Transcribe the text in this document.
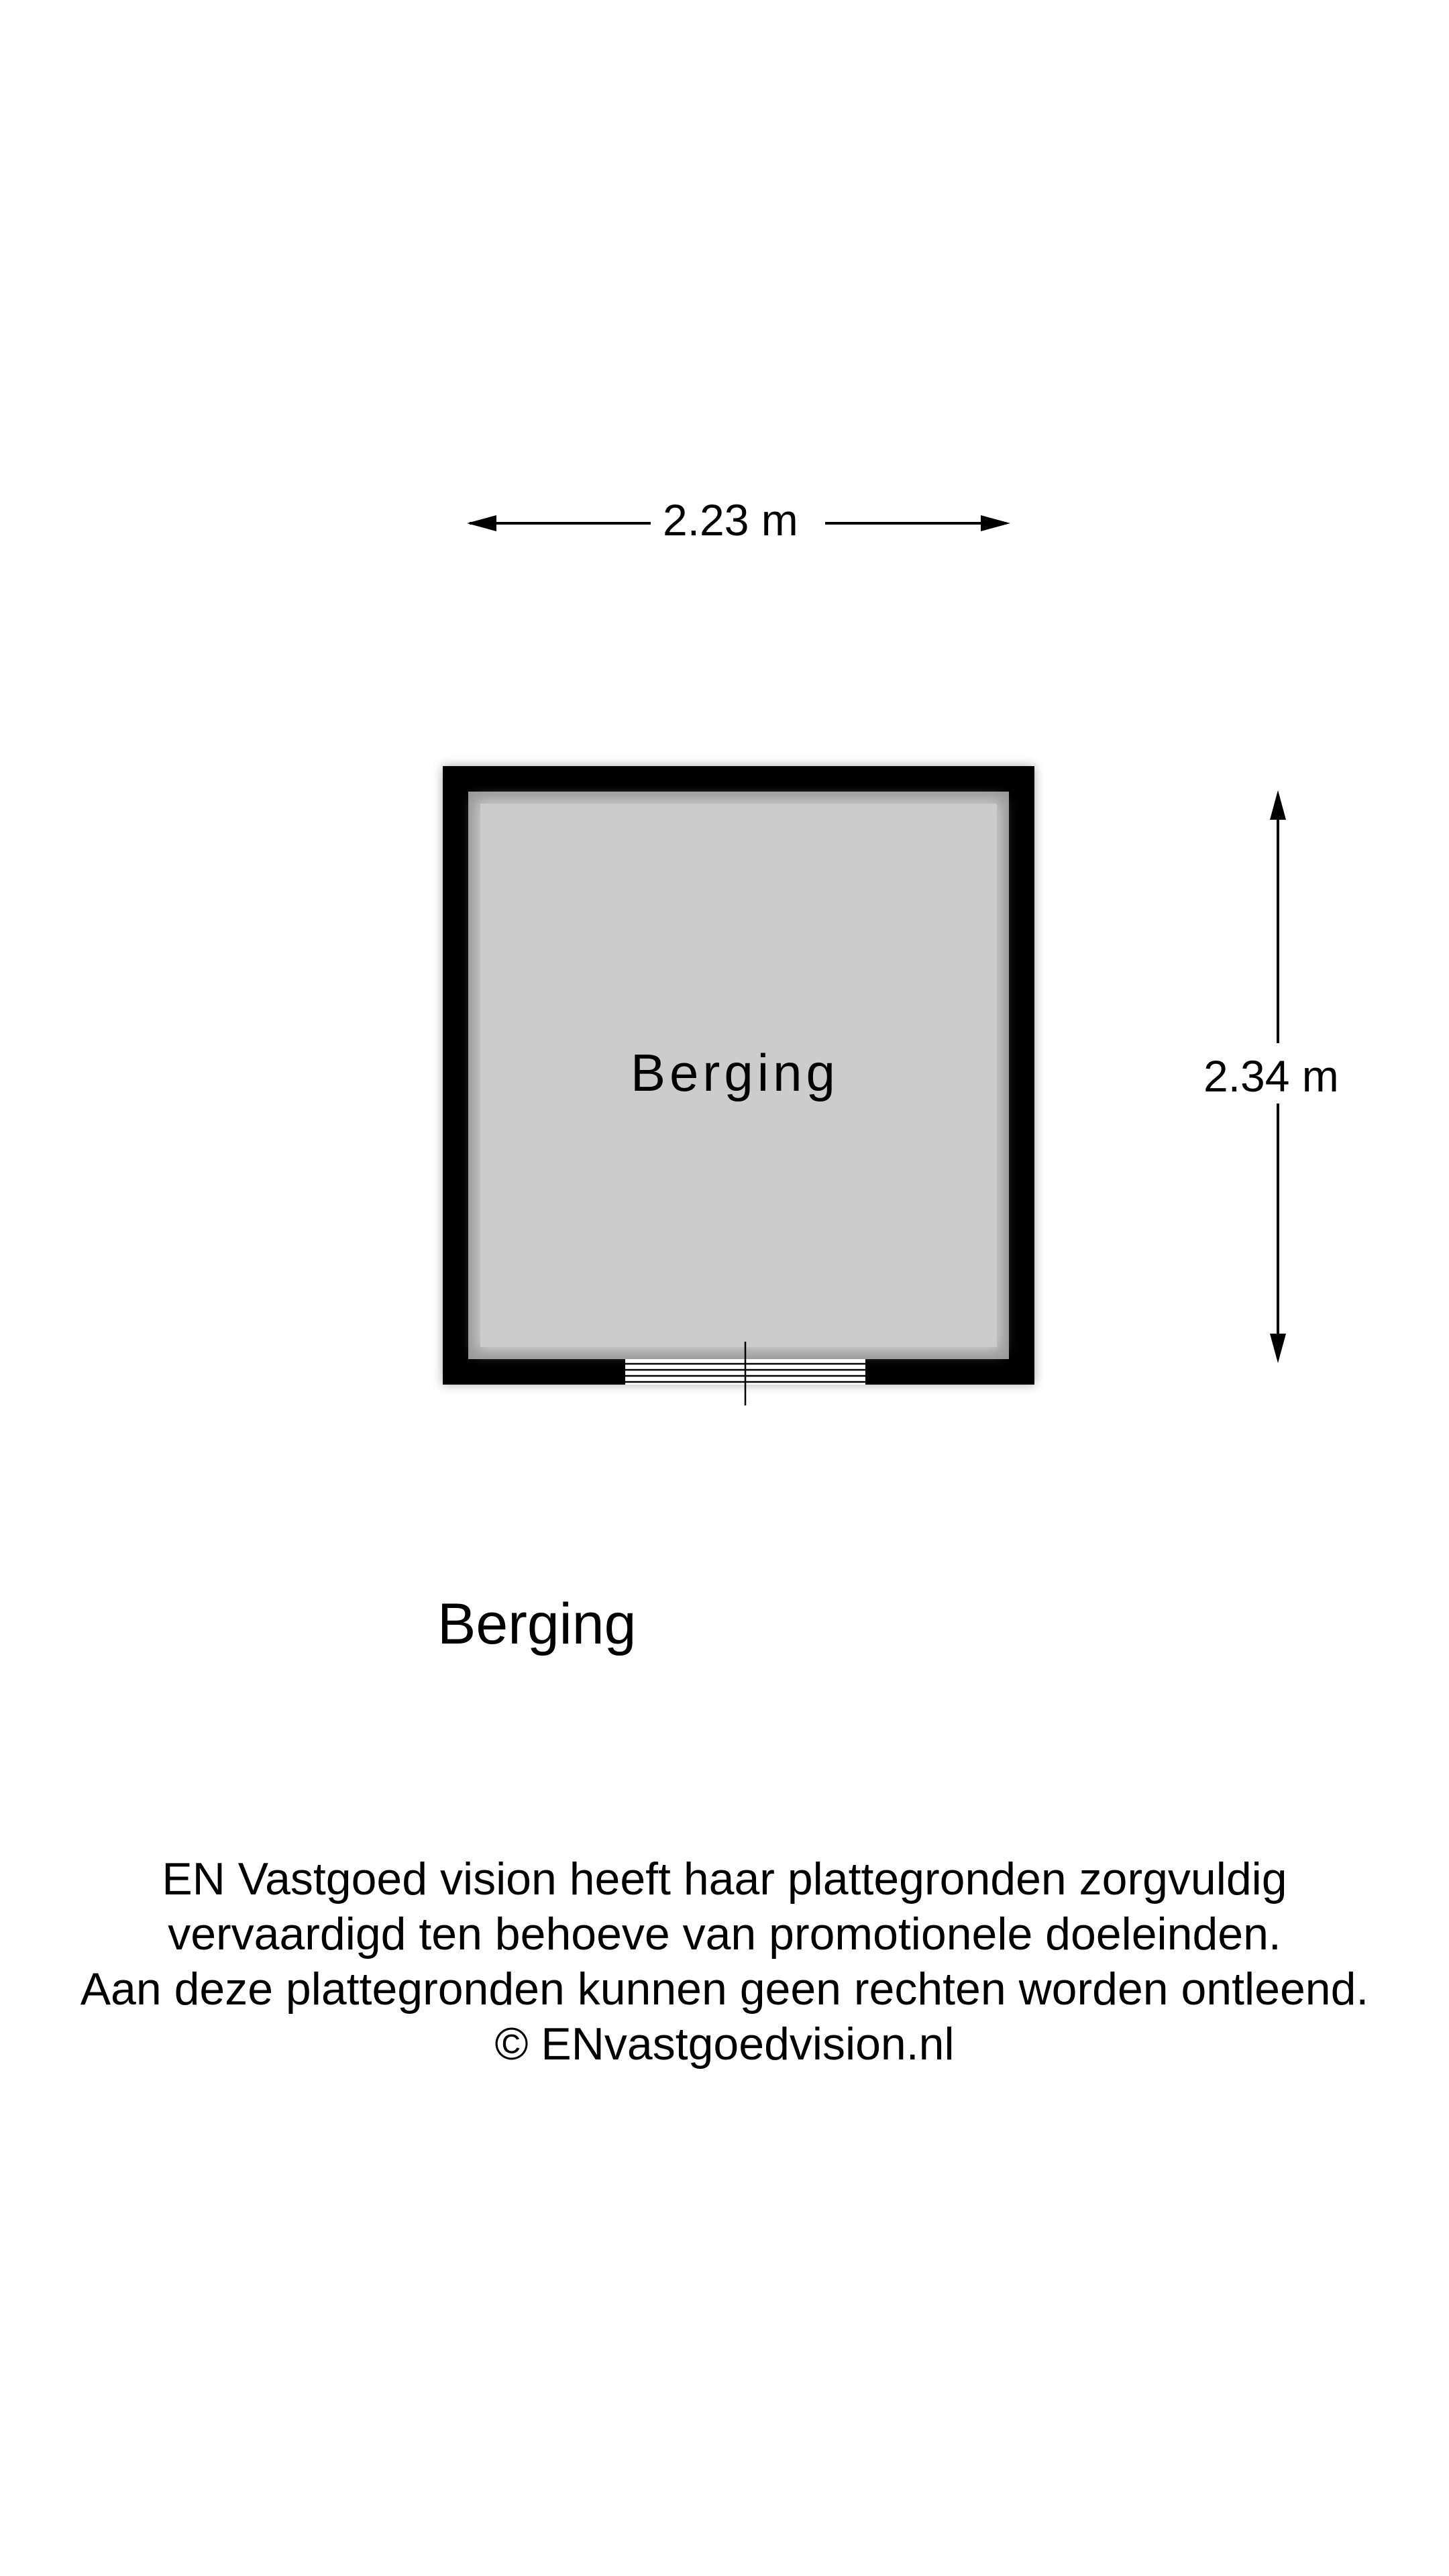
2.23 m
2.34 m
Berging
Berging
EN Vastgoed vision heeft haar plattegronden zorgvuldig
vervaardigd ten behoeve van promotionele doeleinden.
Aan deze plattegronden kunnen geen rechten worden ontleend.
© ENvastgoedvision.nl
